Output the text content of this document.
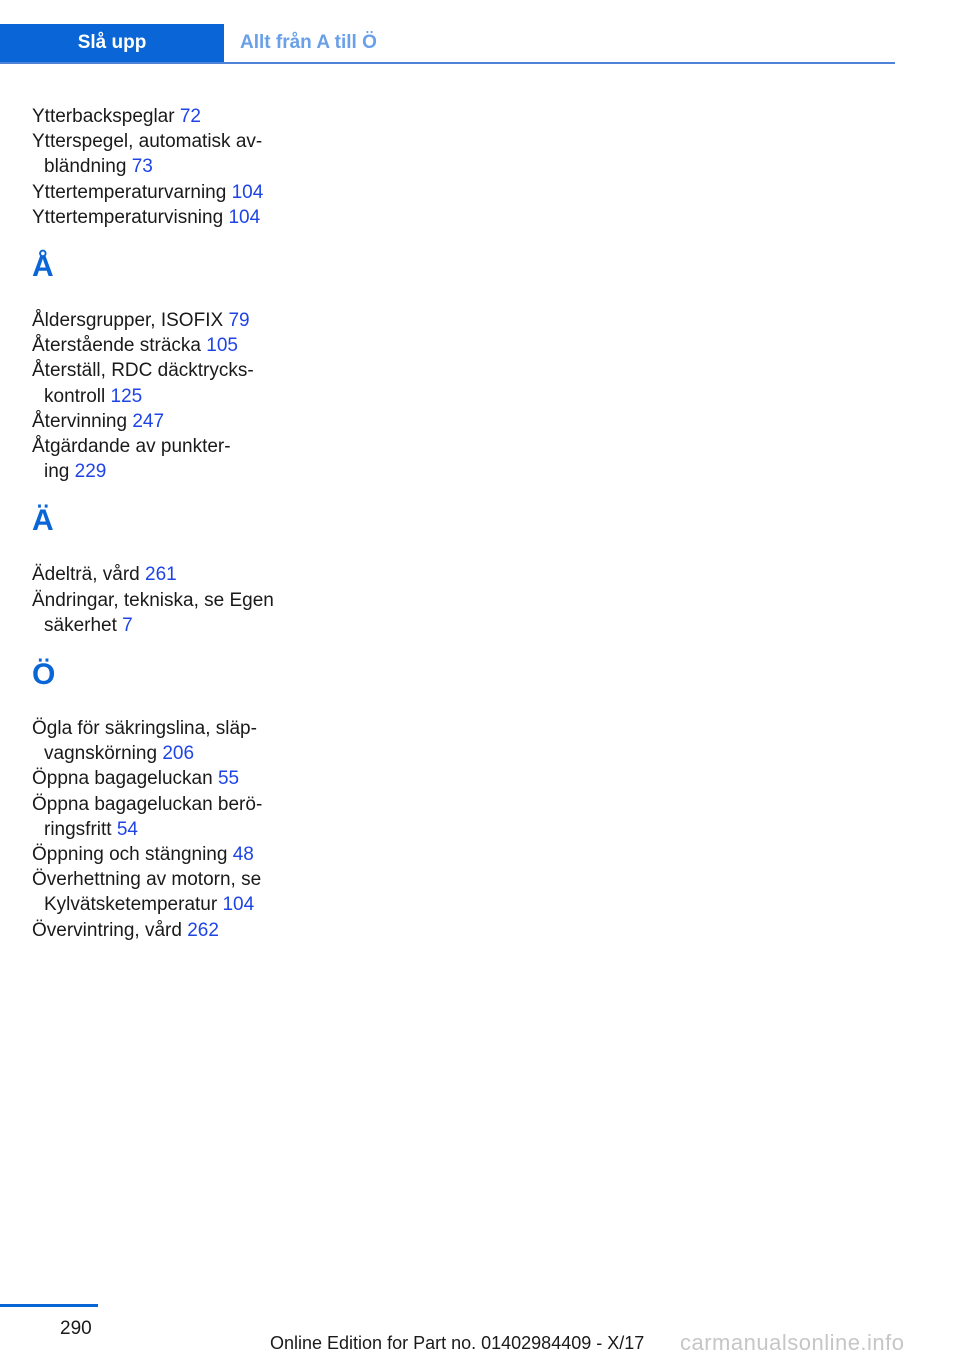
Slå upp	Allt från A till Ö

Ytterbackspeglar 72

Ytterspegel, automatisk av-
bländning 73

Yttertemperaturvarning 104

Yttertemperaturvisning 104

Å

Åldersgrupper, ISOFIX 79

Återstående sträcka 105

Återställ, RDC däcktrycks-
kontroll 125

Återvinning 247

Åtgärdande av punkter-
ing 229

Ä

Ädelträ, vård 261

Ändringar, tekniska, se Egen
säkerhet 7

Ö

Ögla för säkringslina, släp-
vagnskörning 206

Öppna bagageluckan 55

Öppna bagageluckan berö-
ringsfritt 54

Öppning och stängning 48

Överhettning av motorn, se
Kylvätsketemperatur 104

Övervintring, vård 262

290
Online Edition for Part no. 01402984409 - X/17 carmanualsonline.info
